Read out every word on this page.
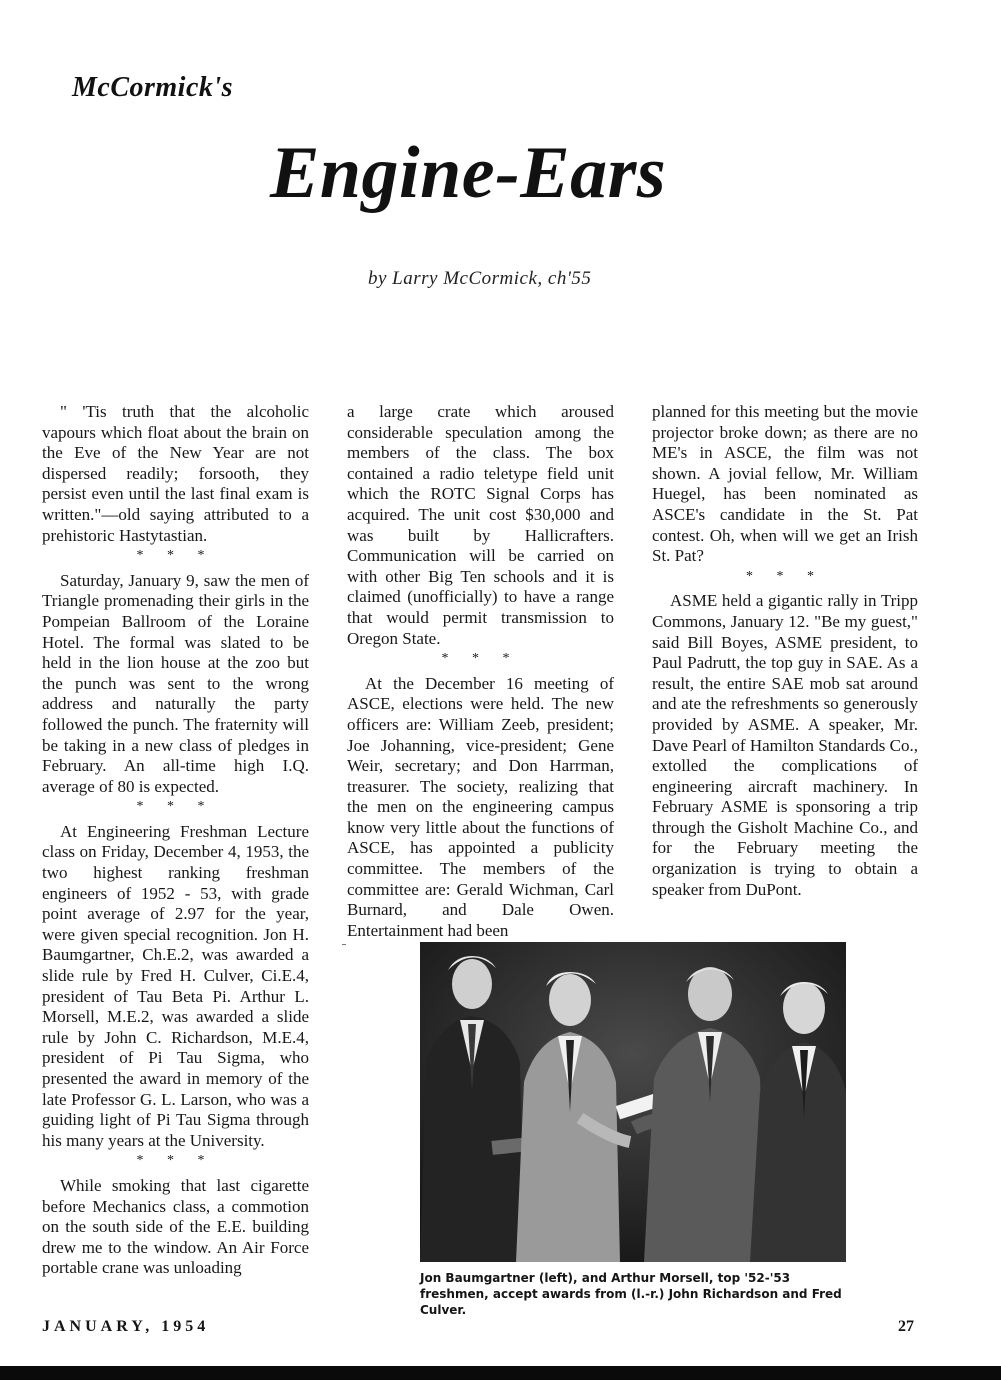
McCormick's
Engine-Ears
by Larry McCormick, ch'55

" 'Tis truth that the alcoholic vapours which float about the brain on the Eve of the New Year are not dispersed readily; forsooth, they persist even until the last final exam is written."—old saying attributed to a prehistoric Hastytastian.

* * *

Saturday, January 9, saw the men of Triangle promenading their girls in the Pompeian Ballroom of the Loraine Hotel. The formal was slated to be held in the lion house at the zoo but the punch was sent to the wrong address and naturally the party followed the punch. The fraternity will be taking in a new class of pledges in February. An all-time high I.Q. average of 80 is expected.

* * *

At Engineering Freshman Lecture class on Friday, December 4, 1953, the two highest ranking freshman engineers of 1952 - 53, with grade point average of 2.97 for the year, were given special recognition. Jon H. Baumgartner, Ch.E.2, was awarded a slide rule by Fred H. Culver, Ci.E.4, president of Tau Beta Pi. Arthur L. Morsell, M.E.2, was awarded a slide rule by John C. Richardson, M.E.4, president of Pi Tau Sigma, who presented the award in memory of the late Professor G. L. Larson, who was a guiding light of Pi Tau Sigma through his many years at the University.

* * *

While smoking that last cigarette before Mechanics class, a commotion on the south side of the E.E. building drew me to the window. An Air Force portable crane was unloading

a large crate which aroused considerable speculation among the members of the class. The box contained a radio teletype field unit which the ROTC Signal Corps has acquired. The unit cost $30,000 and was built by Hallicrafters. Communication will be carried on with other Big Ten schools and it is claimed (unofficially) to have a range that would permit transmission to Oregon State.

* * *

At the December 16 meeting of ASCE, elections were held. The new officers are: William Zeeb, president; Joe Johanning, vice-president; Gene Weir, secretary; and Don Harrman, treasurer. The society, realizing that the men on the engineering campus know very little about the functions of ASCE, has appointed a publicity committee. The members of the committee are: Gerald Wichman, Carl Burnard, and Dale Owen. Entertainment had been

planned for this meeting but the movie projector broke down; as there are no ME's in ASCE, the film was not shown. A jovial fellow, Mr. William Huegel, has been nominated as ASCE's candidate in the St. Pat contest. Oh, when will we get an Irish St. Pat?

* * *

ASME held a gigantic rally in Tripp Commons, January 12. "Be my guest," said Bill Boyes, ASME president, to Paul Padrutt, the top guy in SAE. As a result, the entire SAE mob sat around and ate the refreshments so generously provided by ASME. A speaker, Mr. Dave Pearl of Hamilton Standards Co., extolled the complications of engineering aircraft machinery. In February ASME is sponsoring a trip through the Gisholt Machine Co., and for the February meeting the organization is trying to obtain a speaker from DuPont.

Jon Baumgartner (left), and Arthur Morsell, top '52-'53 freshmen, accept awards from (l.-r.) John Richardson and Fred Culver.
JANUARY, 1954	27
